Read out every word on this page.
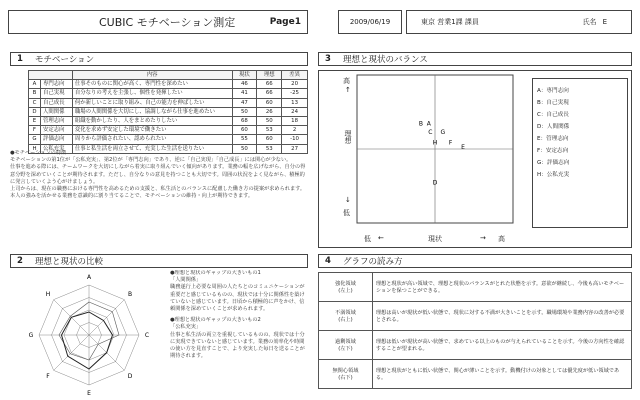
CUBIC モチベーション測定	Page1	2009/06/19	東京 営業1課 課員	氏名 E
1	モチベーション
		内容	現状	理想	差異
A	専門志向	仕事そのものに関心が高く、専門性を深めたい	46	66	20
B	自己実現	自分なりの考えを主張し、個性を発揮したい	41	66	-25
C	自己成長	何か新しいことに取り組み、自己の能力を伸ばしたい	47	60	13
D	人間関係	職場の人間関係を大切にし、協調しながら仕事を進めたい	50	26	24
E	管理志向	組織を動かしたり、人をまとめたりしたい	68	50	18
F	安定志向	変化を求めず安定した環境で働きたい	60	53	2
G	評価志向	周りから評価されたい、認められたい	55	60	-10
H	公私充実	仕事と私生活を両立させて、充実した生活を送りたい	50	53	27
●モチベーションの特徴
モチベーションの第1位が「公私充実」、第2位が「専門志向」であり、逆に「自己実現」「自己成長」には関心が少ない。
仕事を進める際には、チームワークを大切にしながら着実に取り組んでいく傾向があります。業務の幅を広げながら、自分の得意分野を深めていくことが期待されます。ただし、自分なりの意見を持つことも大切です。周囲の状況をよく見ながら、積極的に発言していくよう心がけましょう。
上司からは、現在の職務における専門性を高めるための支援と、私生活とのバランスに配慮した働き方の提案が求められます。本人の強みを活かせる業務を意識的に割り当てることで、モチベーションの維持・向上が期待できます。
2	理想と現状の比較
A
B
C
D
E
F
G
H
●理想と現状のギャップの大きいもの1
「人間関係」
職務遂行上必要な周囲の人たちとのコミュニケーションが重要だと感じているものの、現状では十分に関係性を築けていないと感じています。日頃から積極的に声をかけ、信頼関係を深めていくことが求められます。
●理想と現状のギャップの大きいもの2
「公私充実」
仕事と私生活の両立を重視しているものの、現状では十分に実現できていないと感じています。業務の効率化や時間の使い方を見直すことで、より充実した毎日を送ることが期待されます。
3	理想と現状のバランス
高
↑
理想
↓
低
A
B
C
D
E
F
G
H
低 ←	現状	→ 高
A：専門志向
B：自己実現
C：自己成長
D：人間関係
E：管理志向
F：安定志向
G：評価志向
H：公私充実
4	グラフの読み方
強化領域
(左上)	理想と現状が高い領域で、理想と現状のバランスがとれた状態を示す。意欲が継続し、今後も高いモチベーションを保つことができる。

不満領域
(右上)	理想は高いが現状が低い状態で、現状に対する不満が大きいことを示す。職場環境や業務内容の改善が必要とされる。

過剰領域
(左下)	理想は低いが現状が高い状態で、求めている以上のものが与えられていることを示す。今後の方向性を確認することが望まれる。

無関心領域
(右下)	理想と現状がともに低い状態で、関心が薄いことを示す。動機付けの対象としては優先度が低い領域である。
